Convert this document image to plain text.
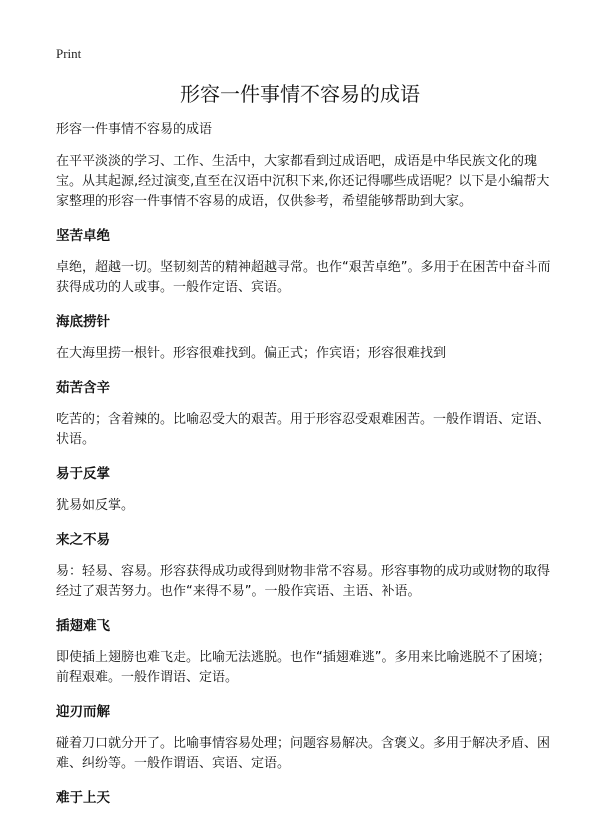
Print
形容一件事情不容易的成语

形容一件事情不容易的成语

在平平淡淡的学习、工作、生活中，大家都看到过成语吧，成语是中华民族文化的瑰宝。从其起源,经过演变,直至在汉语中沉积下来,你还记得哪些成语呢？以下是小编帮大家整理的形容一件事情不容易的成语，仅供参考，希望能够帮助到大家。

坚苦卓绝

卓绝，超越一切。坚韧刻苦的精神超越寻常。也作“艰苦卓绝”。多用于在困苦中奋斗而获得成功的人或事。一般作定语、宾语。

海底捞针

在大海里捞一根针。形容很难找到。偏正式；作宾语；形容很难找到

茹苦含辛

吃苦的；含着辣的。比喻忍受大的艰苦。用于形容忍受艰难困苦。一般作谓语、定语、状语。

易于反掌

犹易如反掌。

来之不易

易：轻易、容易。形容获得成功或得到财物非常不容易。形容事物的成功或财物的取得经过了艰苦努力。也作“来得不易”。一般作宾语、主语、补语。

插翅难飞

即使插上翅膀也难飞走。比喻无法逃脱。也作“插翅难逃”。多用来比喻逃脱不了困境；前程艰难。一般作谓语、定语。

迎刃而解

碰着刀口就分开了。比喻事情容易处理；问题容易解决。含褒义。多用于解决矛盾、困难、纠纷等。一般作谓语、宾语、定语。

难于上天
